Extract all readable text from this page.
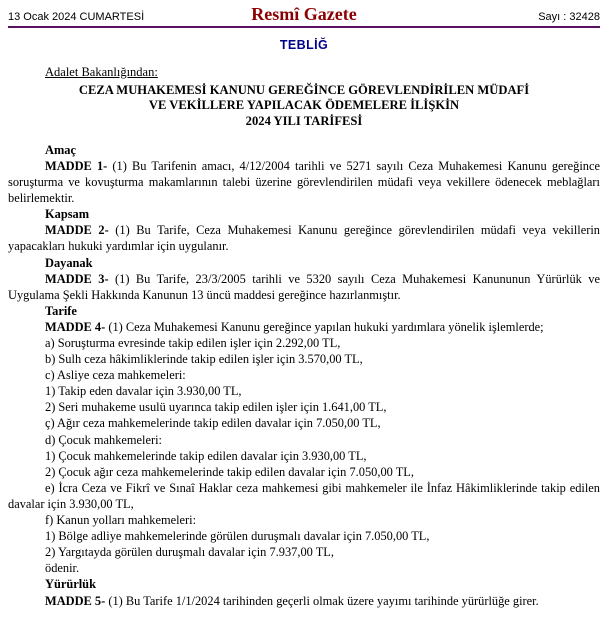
13 Ocak 2024 CUMARTESİ	Resmî Gazete	Sayı : 32428
TEBLİĞ
Adalet Bakanlığından:
CEZA MUHAKEMESİ KANUNU GEREĞİNCE GÖREVLENDİRİLEN MÜDAFİ
VE VEKİLLERE YAPILACAK ÖDEMELERE İLİŞKİN
2024 YILI TARİFESİ
Amaç
MADDE 1- (1) Bu Tarifenin amacı, 4/12/2004 tarihli ve 5271 sayılı Ceza Muhakemesi Kanunu gereğince soruşturma ve kovuşturma makamlarının talebi üzerine görevlendirilen müdafi veya vekillere ödenecek meblağları belirlemektir.
Kapsam
MADDE 2- (1) Bu Tarife, Ceza Muhakemesi Kanunu gereğince görevlendirilen müdafi veya vekillerin yapacakları hukuki yardımlar için uygulanır.
Dayanak
MADDE 3- (1) Bu Tarife, 23/3/2005 tarihli ve 5320 sayılı Ceza Muhakemesi Kanununun Yürürlük ve Uygulama Şekli Hakkında Kanunun 13 üncü maddesi gereğince hazırlanmıştır.
Tarife
MADDE 4- (1) Ceza Muhakemesi Kanunu gereğince yapılan hukuki yardımlara yönelik işlemlerde;
a) Soruşturma evresinde takip edilen işler için 2.292,00 TL,
b) Sulh ceza hâkimliklerinde takip edilen işler için 3.570,00 TL,
c) Asliye ceza mahkemeleri:
1) Takip eden davalar için 3.930,00 TL,
2) Seri muhakeme usulü uyarınca takip edilen işler için 1.641,00 TL,
ç) Ağır ceza mahkemelerinde takip edilen davalar için 7.050,00 TL,
d) Çocuk mahkemeleri:
1) Çocuk mahkemelerinde takip edilen davalar için 3.930,00 TL,
2) Çocuk ağır ceza mahkemelerinde takip edilen davalar için 7.050,00 TL,
e) İcra Ceza ve Fikrî ve Sınaî Haklar ceza mahkemesi gibi mahkemeler ile İnfaz Hâkimliklerinde takip edilen davalar için 3.930,00 TL,
f) Kanun yolları mahkemeleri:
1) Bölge adliye mahkemelerinde görülen duruşmalı davalar için 7.050,00 TL,
2) Yargıtayda görülen duruşmalı davalar için 7.937,00 TL,
ödenir.
Yürürlük
MADDE 5- (1) Bu Tarife 1/1/2024 tarihinden geçerli olmak üzere yayımı tarihinde yürürlüğe girer.
